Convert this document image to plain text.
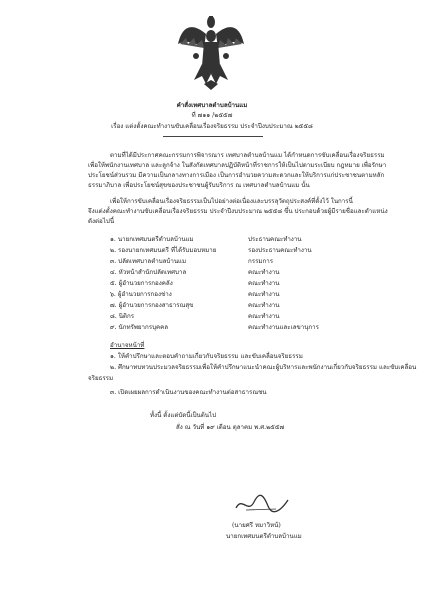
คำสั่งเทศบาลตำบลบ้านแม
ที่ ๗๑๑ /๒๕๕๗
เรื่อง แต่งตั้งคณะทำงานขับเคลื่อนเรื่องจริยธรรม ประจำปีงบประมาณ ๒๕๕๘
ตามที่ได้มีประกาศคณะกรรมการพิจารณาร เทศบาลตำบลบ้านแม ได้กำหนดการขับเคลื่อนเรื่องจริยธรรม
เพื่อให้พนักงานเทศบาล และลูกจ้าง ในสังกัดเทศบาลปฏิบัติหน้าที่ราชการให้เป็นไปตามระเบียบ กฎหมาย เพื่อรักษา
ประโยชน์ส่วนรวม มีความเป็นกลางทางการเมือง เป็นการอำนวยความสะดวกและให้บริการแก่ประชาชนตามหลัก
ธรรมาภิบาล เพื่อประโยชน์สุขของประชาชนผู้รับบริการ ณ เทศบาลตำบลบ้านแม นั้น
เพื่อให้การขับเคลื่อนเรื่องจริยธรรมเป็นไปอย่างต่อเนื่องและบรรลุวัตถุประสงค์ที่ตั้งไว้ ในการนี้
จึงแต่งตั้งคณะทำงานขับเคลื่อนเรื่องจริยธรรม ประจำปีงบประมาณ ๒๕๕๘ ขึ้น ประกอบด้วยผู้มีรายชื่อและตำแหน่ง
ดังต่อไปนี้
๑. นายกเทศมนตรีตำบลบ้านแม	ประธานคณะทำงาน
๒. รองนายกเทศมนตรี ที่ได้รับมอบหมาย	รองประธานคณะทำงาน
๓. ปลัดเทศบาลตำบลบ้านแม	กรรมการ
๔. หัวหน้าสำนักปลัดเทศบาล	คณะทำงาน
๕. ผู้อำนวยการกองคลัง	คณะทำงาน
๖. ผู้อำนวยการกองช่าง	คณะทำงาน
๗. ผู้อำนวยการกองสาธารณสุข	คณะทำงาน
๘. นิติกร	คณะทำงาน
๙. นักทรัพยากรบุคคล	คณะทำงานและเลขานุการ
อำนาจหน้าที่
๑. ให้คำปรึกษาและตอบคำถามเกี่ยวกับจริยธรรม และขับเคลื่อนจริยธรรม
๒. ศึกษาทบทวนประมวลจริยธรรมเพื่อให้คำปรึกษาแนะนำคณะผู้บริหารและพนักงานเกี่ยวกับจริยธรรม และขับเคลื่อน
จริยธรรม
๓. เปิดเผยผลการดำเนินงานของคณะทำงานต่อสาธารณชน
ทั้งนี้ ตั้งแต่บัดนี้เป็นต้นไป
สั่ง ณ วันที่ ๑๙ เดือน ตุลาคม พ.ศ.๒๕๕๗
(นายศรี หมาวิหน้)
นายกเทศมนตรีตำบลบ้านแม
